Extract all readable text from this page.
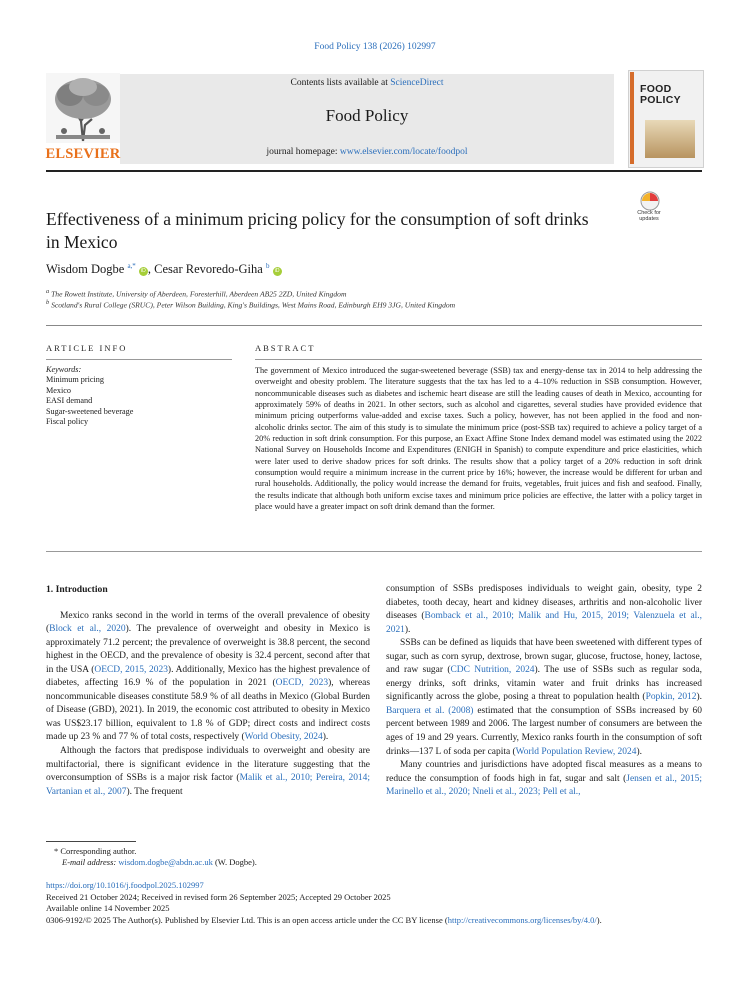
Food Policy 138 (2026) 102997
Contents lists available at ScienceDirect
Food Policy
journal homepage: www.elsevier.com/locate/foodpol
ELSEVIER
FOOD
POLICY
Effectiveness of a minimum pricing policy for the consumption of soft drinks in Mexico
Check for
updates
Wisdom Dogbe $^{a,*}$ iD , Cesar Revoredo-Giha $^b$ iD
$^a$ The Rowett Institute, University of Aberdeen, Foresterhill, Aberdeen AB25 2ZD, United Kingdom
$^b$ Scotland's Rural College (SRUC), Peter Wilson Building, King's Buildings, West Mains Road, Edinburgh EH9 3JG, United Kingdom
ARTICLE INFO
Keywords:
Minimum pricing
Mexico
EASI demand
Sugar-sweetened beverage
Fiscal policy
ABSTRACT
The government of Mexico introduced the sugar-sweetened beverage (SSB) tax and energy-dense tax in 2014 to help addressing the overweight and obesity problem. The literature suggests that the tax has led to a 4–10% reduction in SSB consumption. However, noncommunicable diseases such as diabetes and ischemic heart disease are still the leading causes of death in Mexico, accounting for approximately 59% of deaths in 2021. In other sectors, such as alcohol and cigarettes, several studies have provided evidence that minimum pricing outperforms value-added and excise taxes. Such a policy, however, has not been applied in the food and non-alcoholic drinks sector. The aim of this study is to simulate the minimum price (post-SSB tax) required to achieve a policy target of a 20% reduction in soft drink consumption. For this purpose, an Exact Affine Stone Index demand model was estimated using the 2022 National Survey on Households Income and Expenditures (ENIGH in Spanish) to compute expenditure and price elasticities, which were later used to derive shadow prices for soft drinks. The results show that a policy target of a 20% reduction in soft drink consumption would require a minimum increase in the current price by 16%; however, the increase would be different for urban and rural households. Additionally, the policy would increase the demand for fruits, vegetables, fruit juices and fish and seafood. Finally, the results indicate that although both uniform excise taxes and minimum price policies are effective, the latter with a policy target in place would have a greater impact on soft drink demand than the former.
1. Introduction

Mexico ranks second in the world in terms of the overall prevalence of obesity (Block et al., 2020). The prevalence of overweight and obesity in Mexico is approximately 71.2 percent; the prevalence of overweight is 38.8 percent, the second highest in the OECD, and the prevalence of obesity is 32.4 percent, second after that in the USA (OECD, 2015, 2023). Additionally, Mexico has the highest prevalence of diabetes, affecting 16.9 % of the population in 2021 (OECD, 2023), whereas noncommunicable diseases constitute 58.9 % of all deaths in Mexico (Global Burden of Disease (GBD), 2021). In 2019, the economic cost attributed to obesity in Mexico was US$23.17 billion, equivalent to 1.8 % of GDP; direct costs and indirect costs made up 23 % and 77 % of total costs, respectively (World Obesity, 2024).

Although the factors that predispose individuals to overweight and obesity are multifactorial, there is significant evidence in the literature suggesting that the overconsumption of SSBs is a major risk factor (Malik et al., 2010; Pereira, 2014; Vartanian et al., 2007). The frequent

consumption of SSBs predisposes individuals to weight gain, obesity, type 2 diabetes, tooth decay, heart and kidney diseases, arthritis and non-alcoholic liver diseases (Bomback et al., 2010; Malik and Hu, 2015, 2019; Valenzuela et al., 2021).

SSBs can be defined as liquids that have been sweetened with different types of sugar, such as corn syrup, dextrose, brown sugar, glucose, fructose, honey, lactose, and raw sugar (CDC Nutrition, 2024). The use of SSBs such as regular soda, energy drinks, soft drinks, vitamin water and fruit drinks has increased significantly across the globe, posing a threat to population health (Popkin, 2012). Barquera et al. (2008) estimated that the consumption of SSBs increased by 60 percent between 1989 and 2006. The largest number of consumers are between the ages of 19 and 29 years. Currently, Mexico ranks fourth in the consumption of soft drinks—137 L of soda per capita (World Population Review, 2024).

Many countries and jurisdictions have adopted fiscal measures as a means to reduce the consumption of foods high in fat, sugar and salt (Jensen et al., 2015; Marinello et al., 2020; Nneli et al., 2023; Pell et al.,

* Corresponding author.
E-mail address: wisdom.dogbe@abdn.ac.uk (W. Dogbe).
https://doi.org/10.1016/j.foodpol.2025.102997
Received 21 October 2024; Received in revised form 26 September 2025; Accepted 29 October 2025
Available online 14 November 2025
0306-9192/© 2025 The Author(s). Published by Elsevier Ltd. This is an open access article under the CC BY license (http://creativecommons.org/licenses/by/4.0/).
